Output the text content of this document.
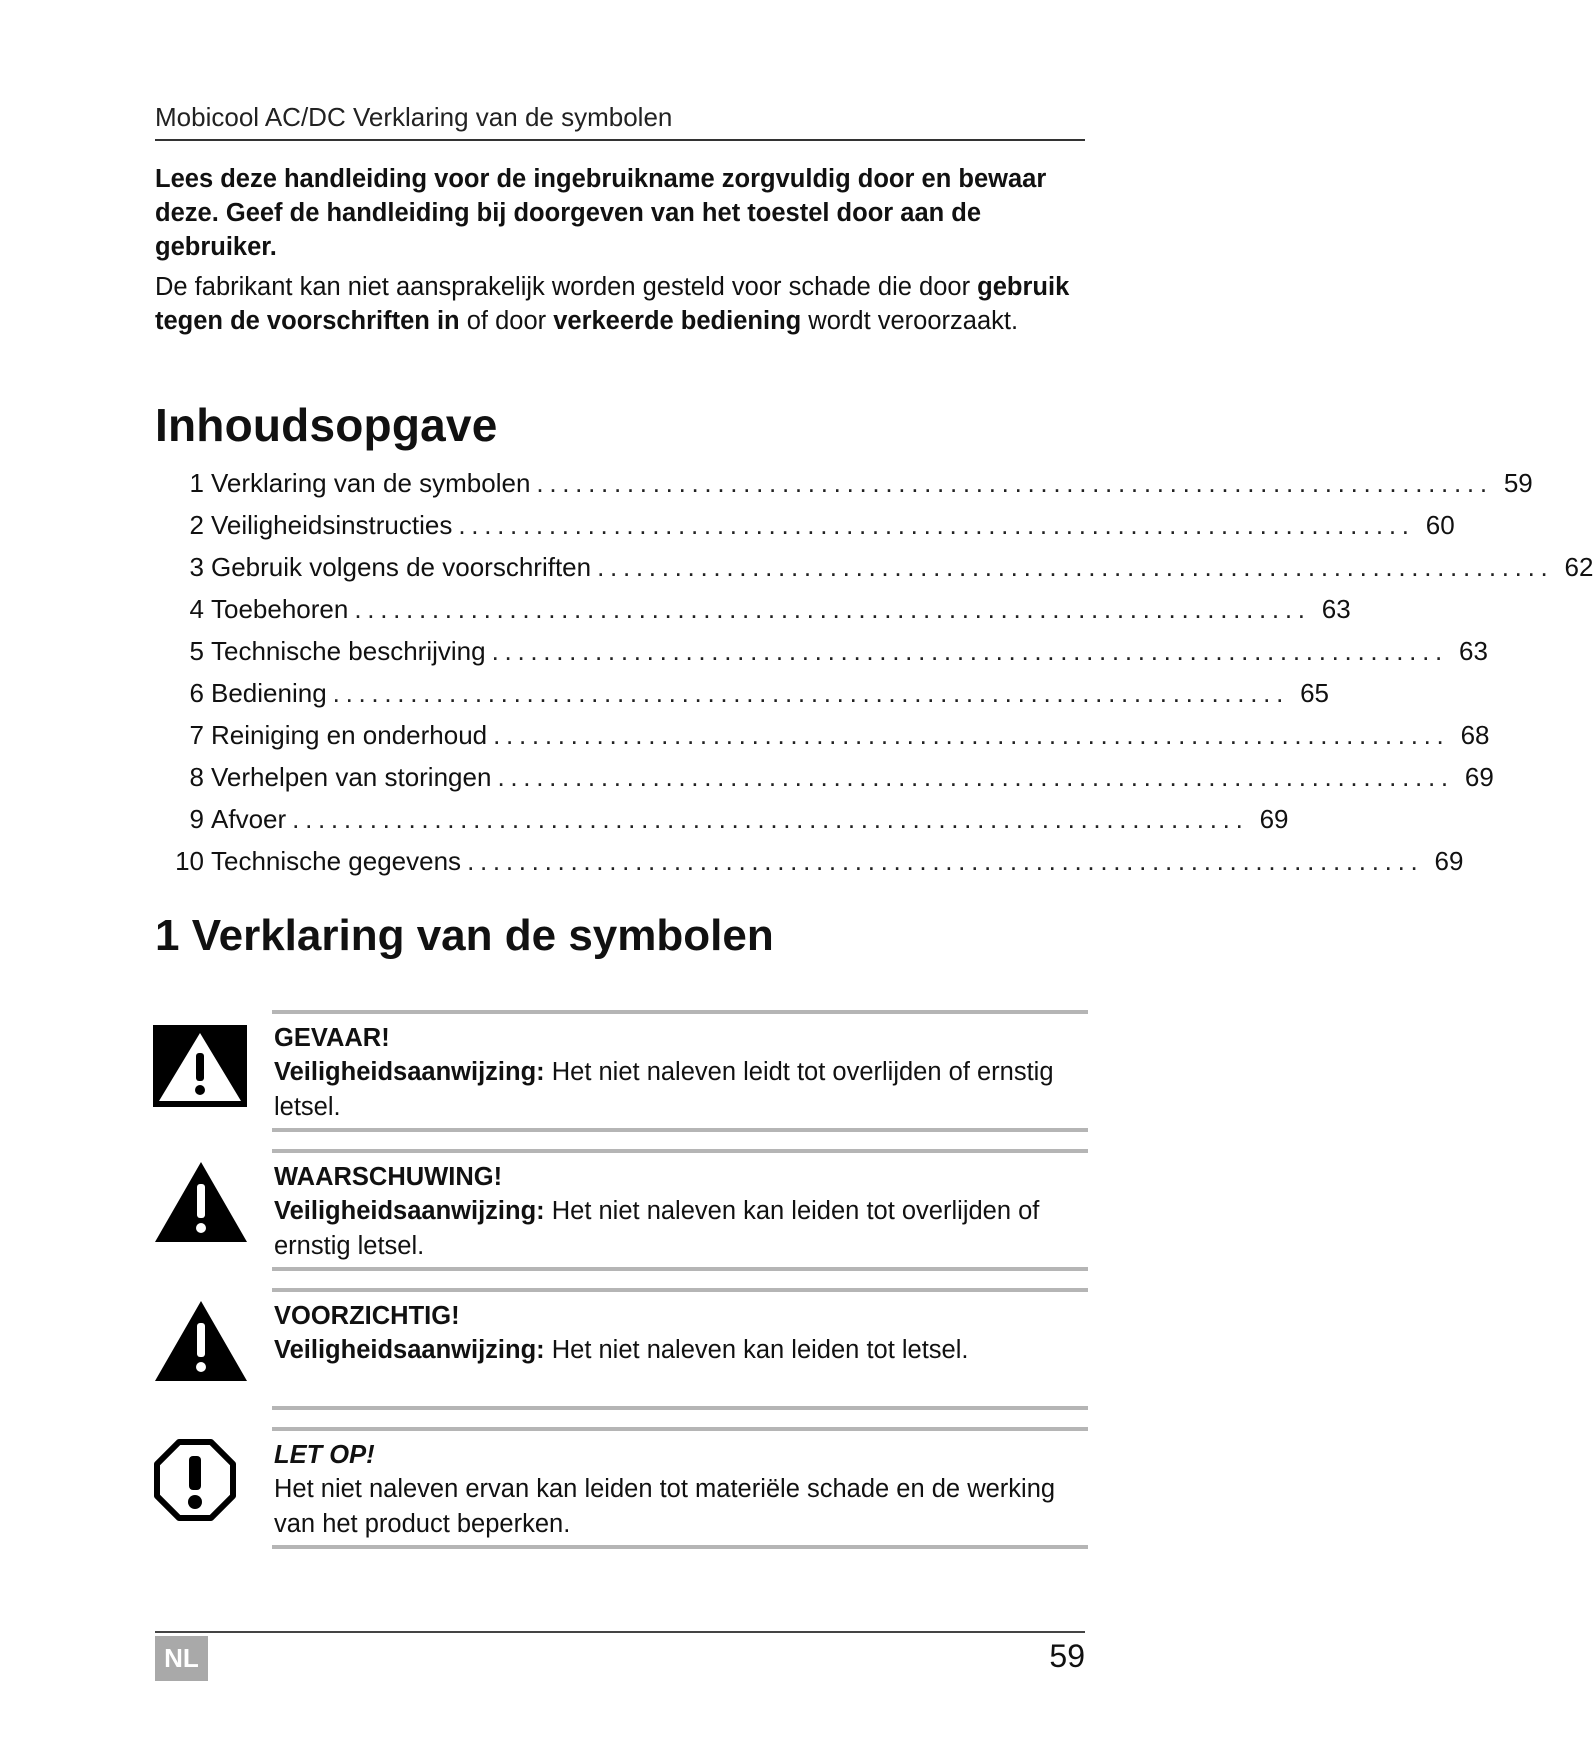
Mobicool AC/DC Verklaring van de symbolen

Lees deze handleiding voor de ingebruikname zorgvuldig door en bewaar deze. Geef de handleiding bij doorgeven van het toestel door aan de gebruiker.

De fabrikant kan niet aansprakelijk worden gesteld voor schade die door gebruik tegen de voorschriften in of door verkeerde bediening wordt veroorzaakt.

Inhoudsopgave
1 Verklaring van de symbolen .......................................................................... 59
2 Veiligheidsinstructies .......................................................................... 60
3 Gebruik volgens de voorschriften .......................................................................... 62
4 Toebehoren .......................................................................... 63
5 Technische beschrijving .......................................................................... 63
6 Bediening .......................................................................... 65
7 Reiniging en onderhoud .......................................................................... 68
8 Verhelpen van storingen .......................................................................... 69
9 Afvoer .......................................................................... 69
10 Technische gegevens .......................................................................... 69
1 Verklaring van de symbolen
GEVAAR!
Veiligheidsaanwijzing: Het niet naleven leidt tot overlijden of ernstig letsel.
WAARSCHUWING!
Veiligheidsaanwijzing: Het niet naleven kan leiden tot overlijden of ernstig letsel.
VOORZICHTIG!
Veiligheidsaanwijzing: Het niet naleven kan leiden tot letsel.
LET OP!
Het niet naleven ervan kan leiden tot materiële schade en de werking van het product beperken.
NL	59
